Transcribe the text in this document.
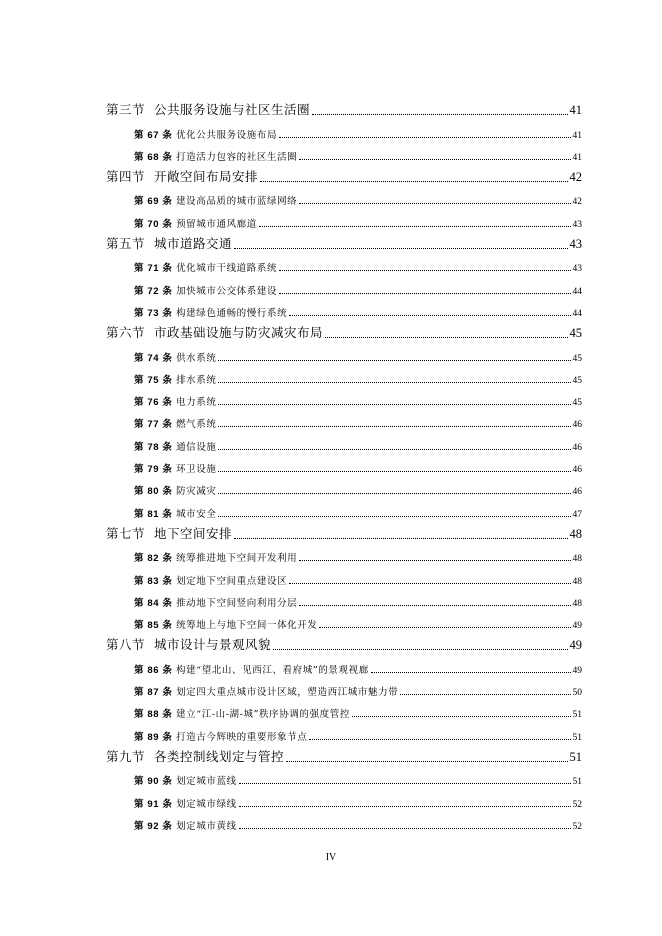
第三节 公共服务设施与社区生活圈	41
第 67 条 优化公共服务设施布局	41
第 68 条 打造活力包容的社区生活圈	41
第四节 开敞空间布局安排	42
第 69 条 建设高品质的城市蓝绿网络	42
第 70 条 预留城市通风廊道	43
第五节 城市道路交通	43
第 71 条 优化城市干线道路系统	43
第 72 条 加快城市公交体系建设	44
第 73 条 构建绿色通畅的慢行系统	44
第六节 市政基础设施与防灾减灾布局	45
第 74 条 供水系统	45
第 75 条 排水系统	45
第 76 条 电力系统	45
第 77 条 燃气系统	46
第 78 条 通信设施	46
第 79 条 环卫设施	46
第 80 条 防灾减灾	46
第 81 条 城市安全	47
第七节 地下空间安排	48
第 82 条 统筹推进地下空间开发利用	48
第 83 条 划定地下空间重点建设区	48
第 84 条 推动地下空间竖向利用分层	48
第 85 条 统筹地上与地下空间一体化开发	49
第八节 城市设计与景观风貌	49
第 86 条 构建“望北山、见西江、看府城”的景观视廊	49
第 87 条 划定四大重点城市设计区域，塑造西江城市魅力带	50
第 88 条 建立“江-山-湖-城”秩序协调的强度管控	51
第 89 条 打造古今辉映的重要形象节点	51
第九节 各类控制线划定与管控	51
第 90 条 划定城市蓝线	51
第 91 条 划定城市绿线	52
第 92 条 划定城市黄线	52
IV
